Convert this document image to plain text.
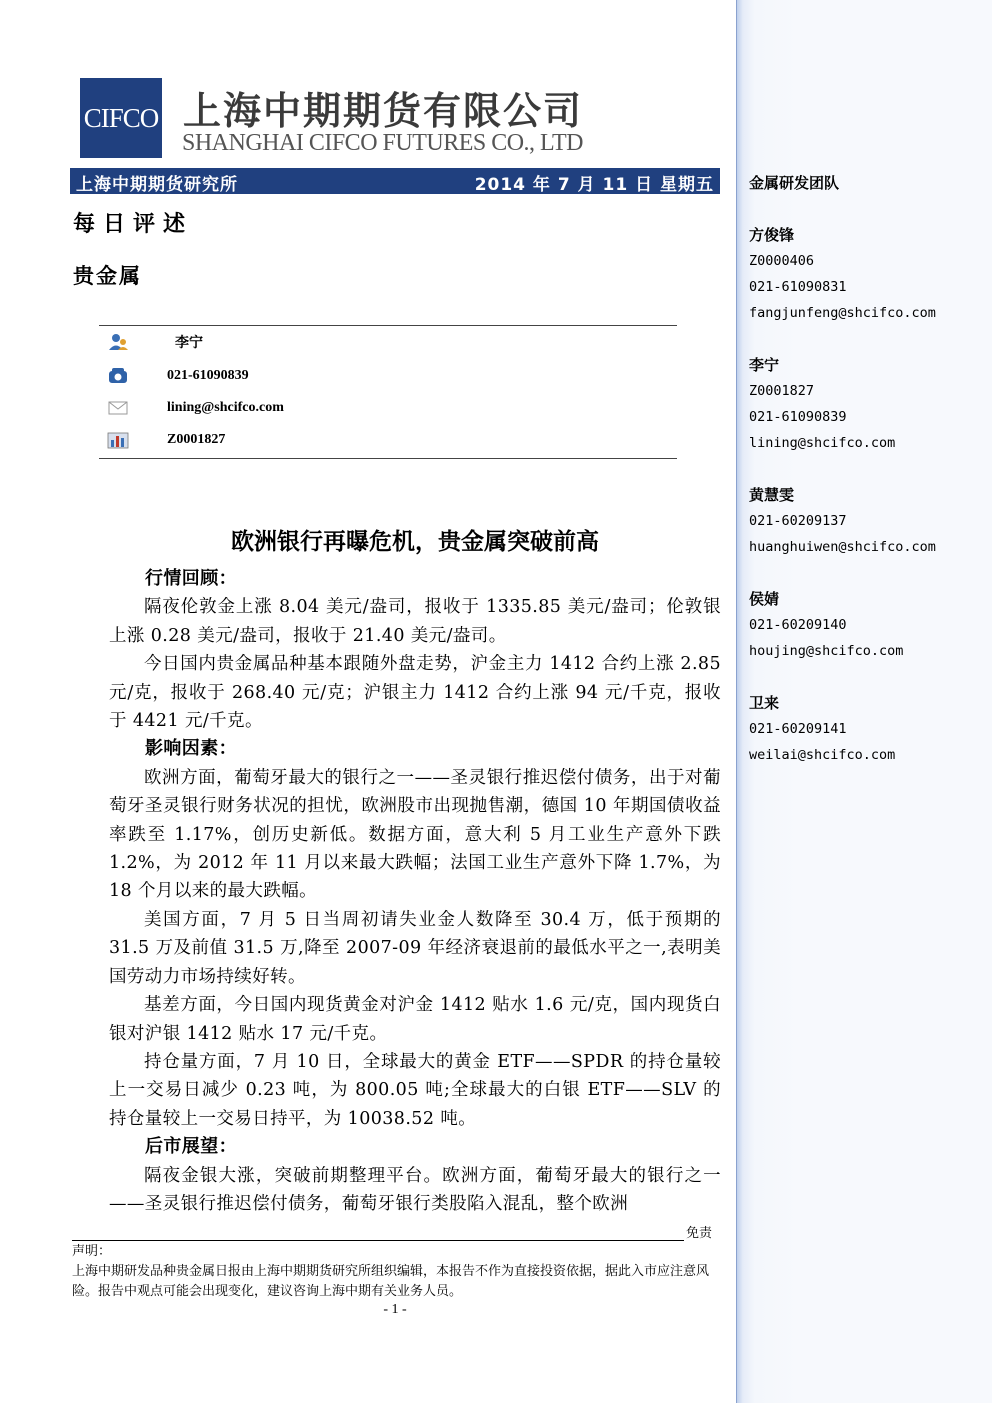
CIFCO 上海中期期货有限公司
SHANGHAI CIFCO FUTURES CO., LTD
上海中期期货研究所	2014 年 7 月 11 日 星期五
每日评述
贵金属
李宁
021-61090839
lining@shcifco.com
Z0001827
欧洲银行再曝危机，贵金属突破前高
行情回顾：

隔夜伦敦金上涨 8.04 美元/盎司，报收于 1335.85 美元/盎司；伦敦银上涨 0.28 美元/盎司，报收于 21.40 美元/盎司。

今日国内贵金属品种基本跟随外盘走势，沪金主力 1412 合约上涨 2.85 元/克，报收于 268.40 元/克；沪银主力 1412 合约上涨 94 元/千克，报收于 4421 元/千克。

影响因素：

欧洲方面，葡萄牙最大的银行之一——圣灵银行推迟偿付债务，出于对葡萄牙圣灵银行财务状况的担忧，欧洲股市出现抛售潮，德国 10 年期国债收益率跌至 1.17%，创历史新低。数据方面，意大利 5 月工业生产意外下跌 1.2%，为 2012 年 11 月以来最大跌幅；法国工业生产意外下降 1.7%，为 18 个月以来的最大跌幅。

美国方面，7 月 5 日当周初请失业金人数降至 30.4 万，低于预期的 31.5 万及前值 31.5 万,降至 2007-09 年经济衰退前的最低水平之一,表明美国劳动力市场持续好转。

基差方面，今日国内现货黄金对沪金 1412 贴水 1.6 元/克，国内现货白银对沪银 1412 贴水 17 元/千克。

持仓量方面，7 月 10 日，全球最大的黄金 ETF——SPDR 的持仓量较上一交易日减少 0.23 吨，为 800.05 吨;全球最大的白银 ETF——SLV 的持仓量较上一交易日持平，为 10038.52 吨。

后市展望：

隔夜金银大涨，突破前期整理平台。欧洲方面，葡萄牙最大的银行之一——圣灵银行推迟偿付债务，葡萄牙银行类股陷入混乱，整个欧洲

免责
声明：
上海中期研发品种贵金属日报由上海中期期货研究所组织编辑，本报告不作为直接投资依据，据此入市应注意风险。报告中观点可能会出现变化，建议咨询上海中期有关业务人员。
- 1 -
金属研发团队
方俊锋
Z0000406
021-61090831
fangjunfeng@shcifco.com
李宁
Z0001827
021-61090839
lining@shcifco.com
黄慧雯
021-60209137
huanghuiwen@shcifco.com
侯婧
021-60209140
houjing@shcifco.com
卫来
021-60209141
weilai@shcifco.com
